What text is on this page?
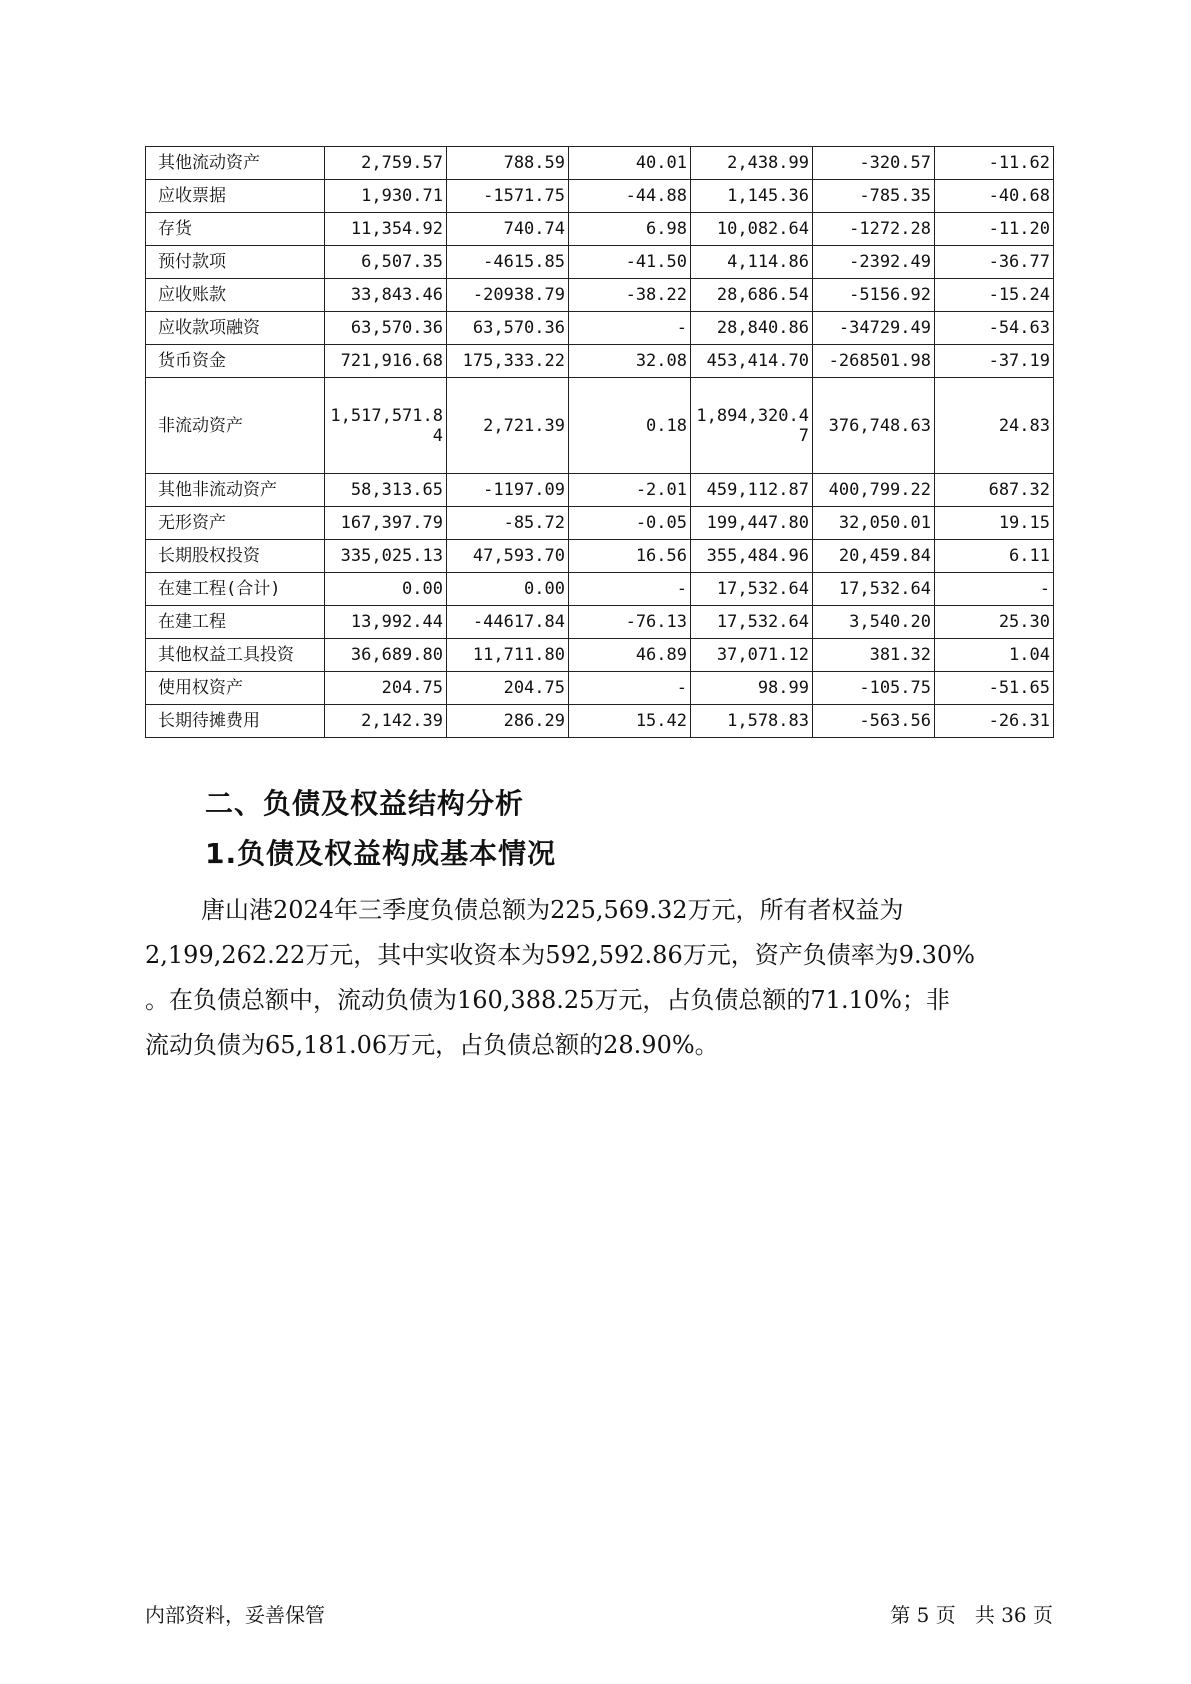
其他流动资产	2,759.57	788.59	40.01	2,438.99	-320.57	-11.62
应收票据	1,930.71	-1571.75	-44.88	1,145.36	-785.35	-40.68
存货	11,354.92	740.74	6.98	10,082.64	-1272.28	-11.20
预付款项	6,507.35	-4615.85	-41.50	4,114.86	-2392.49	-36.77
应收账款	33,843.46	-20938.79	-38.22	28,686.54	-5156.92	-15.24
应收款项融资	63,570.36	63,570.36	-	28,840.86	-34729.49	-54.63
货币资金	721,916.68	175,333.22	32.08	453,414.70	-268501.98	-37.19
非流动资产	1,517,571.84	2,721.39	0.18	1,894,320.47	376,748.63	24.83
其他非流动资产	58,313.65	-1197.09	-2.01	459,112.87	400,799.22	687.32
无形资产	167,397.79	-85.72	-0.05	199,447.80	32,050.01	19.15
长期股权投资	335,025.13	47,593.70	16.56	355,484.96	20,459.84	6.11
在建工程(合计)	0.00	0.00	-	17,532.64	17,532.64	-
在建工程	13,992.44	-44617.84	-76.13	17,532.64	3,540.20	25.30
其他权益工具投资	36,689.80	11,711.80	46.89	37,071.12	381.32	1.04
使用权资产	204.75	204.75	-	98.99	-105.75	-51.65
长期待摊费用	2,142.39	286.29	15.42	1,578.83	-563.56	-26.31
二、负债及权益结构分析
1.负债及权益构成基本情况

唐山港2024年三季度负债总额为225,569.32万元，所有者权益为
2,199,262.22万元，其中实收资本为592,592.86万元，资产负债率为9.30%
。在负债总额中，流动负债为160,388.25万元，占负债总额的71.10%；非
流动负债为65,181.06万元，占负债总额的28.90%。

内部资料，妥善保管	第 5 页   共 36 页
